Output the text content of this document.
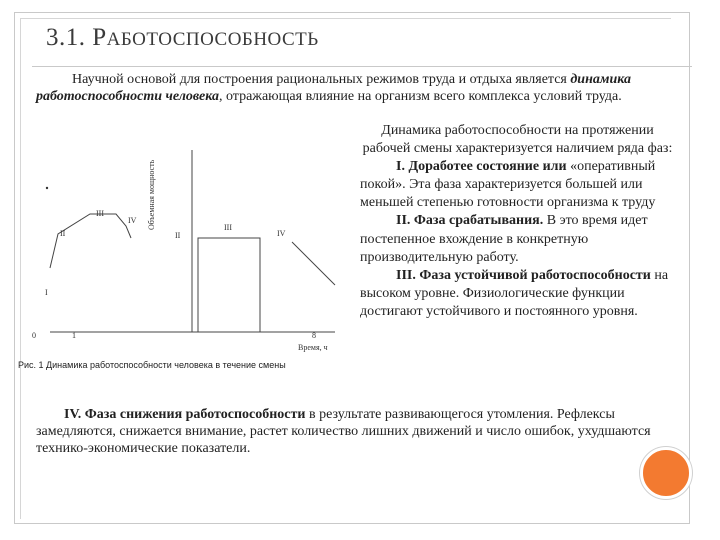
3.1. РАБОТОСПОСОБНОСТЬ
Научной основой для построения рациональных режимов труда и отдыха является динамика работоспособности человека, отражающая влияние на организм всего комплекса условий труда.

Динамика работоспособности на протяжении рабочей смены характеризуется наличием ряда фаз:

I. Доработее состояние или «оперативный покой». Эта фаза характеризуется большей или меньшей степенью готовности организма к труду

II. Фаза срабатывания. В это время идет постепенное вхождение в конкретную производительную работу.

III. Фаза устойчивой работоспособности на высоком уровне. Физиологические функции достигают устойчивого и постоянного уровня.

IV. Фаза снижения работоспособности в результате развивающегося утомления. Рефлексы замедляются, снижается внимание, растет количество лишних движений и число ошибок, ухудшаются технико-экономические показатели.
II
III
IV
II
III
IV
I
0	1	8
Время, ч
Объемная мощность
Рис. 1 Динамика работоспособности человека в течение смены
